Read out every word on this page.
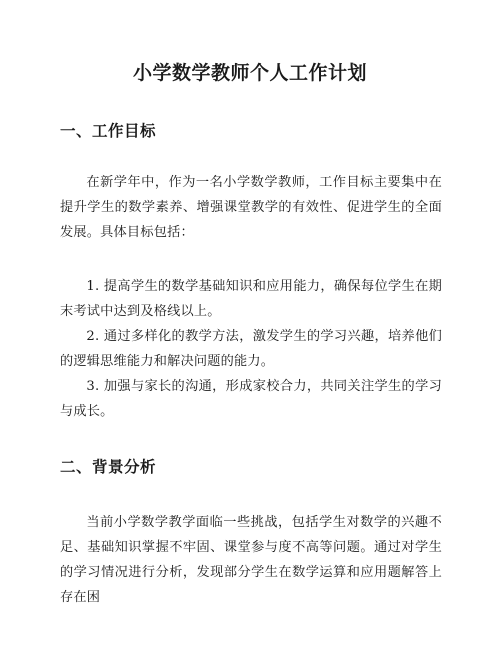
小学数学教师个人工作计划
一、工作目标

在新学年中，作为一名小学数学教师，工作目标主要集中在提升学生的数学素养、增强课堂教学的有效性、促进学生的全面发展。具体目标包括：

1. 提高学生的数学基础知识和应用能力，确保每位学生在期末考试中达到及格线以上。
2. 通过多样化的教学方法，激发学生的学习兴趣，培养他们的逻辑思维能力和解决问题的能力。
3. 加强与家长的沟通，形成家校合力，共同关注学生的学习与成长。
二、背景分析

当前小学数学教学面临一些挑战，包括学生对数学的兴趣不足、基础知识掌握不牢固、课堂参与度不高等问题。通过对学生的学习情况进行分析，发现部分学生在数学运算和应用题解答上存在困
